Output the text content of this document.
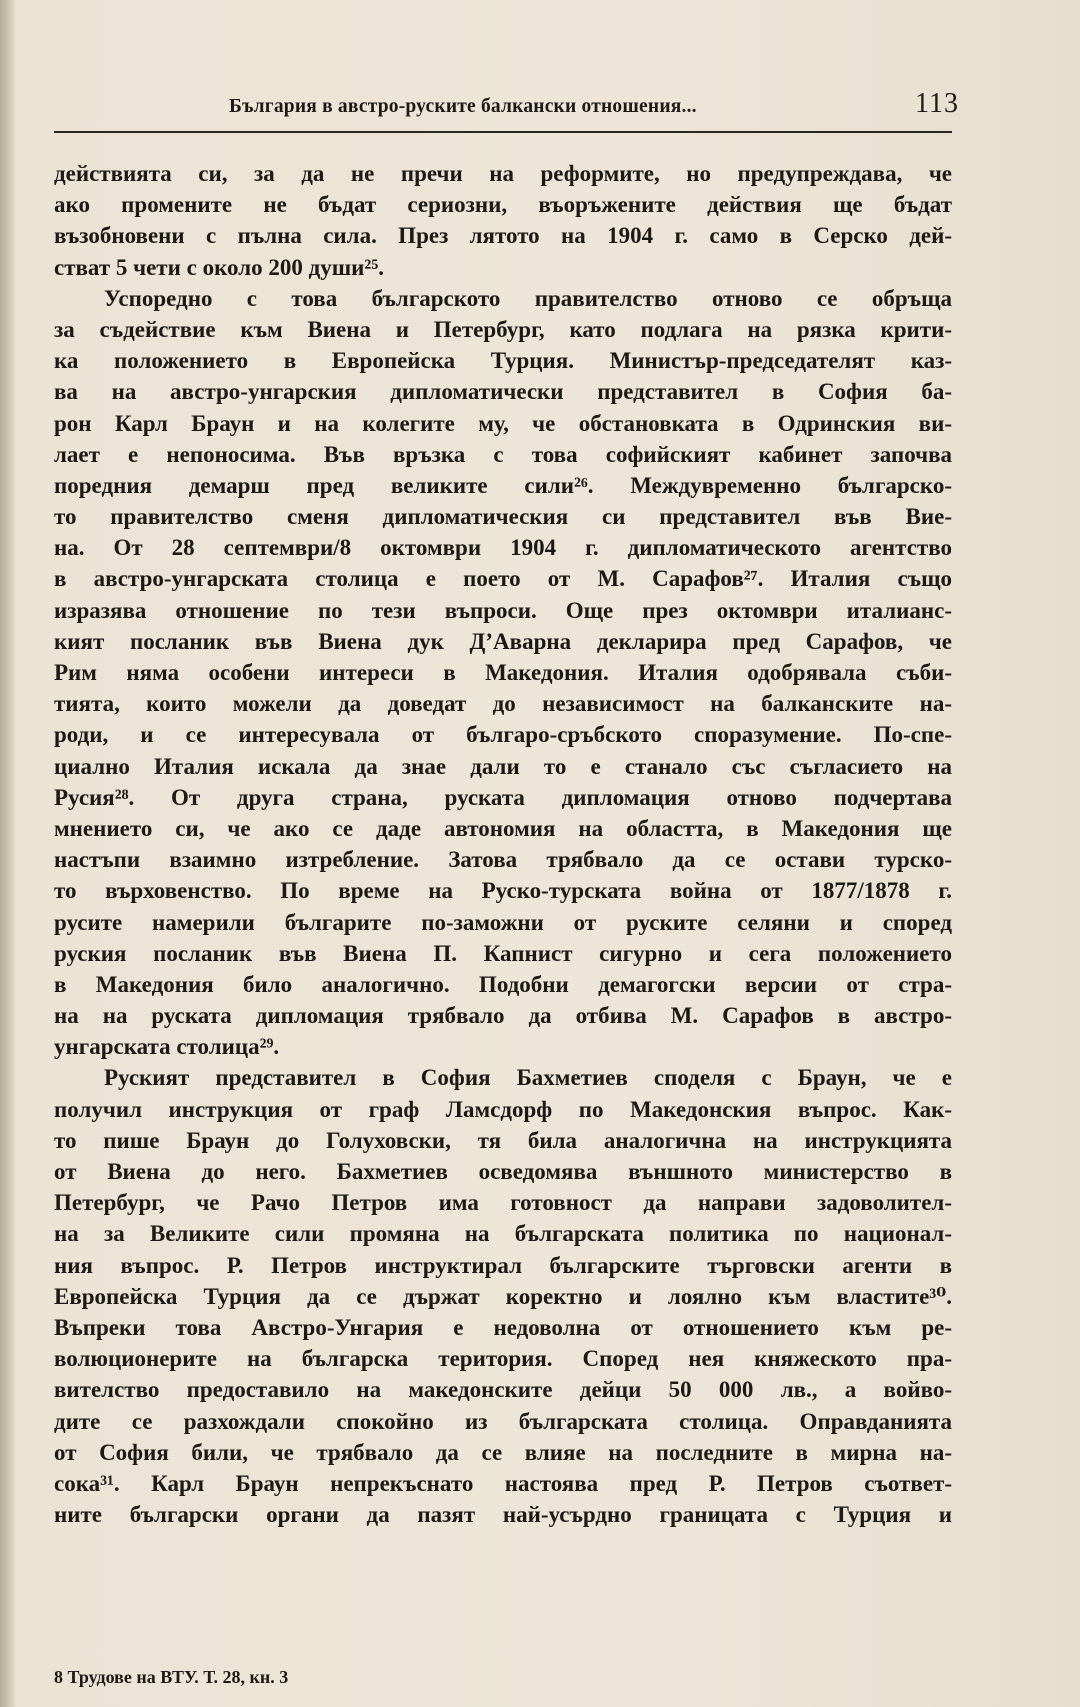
България в австро-руските балкански отношения...	113
действията си, за да не пречи на реформите, но предупреждава, че
ако промените не бъдат сериозни, въоръжените действия ще бъдат
възобновени с пълна сила. През лятото на 1904 г. само в Серско дей-
стват 5 чети с около 200 души²⁵.
Успоредно с това българското правителство отново се обръща
за съдействие към Виена и Петербург, като подлага на рязка крити-
ка положението в Европейска Турция. Министър-председателят каз-
ва на австро-унгарския дипломатически представител в София ба-
рон Карл Браун и на колегите му, че обстановката в Одринския ви-
лает е непоносима. Във връзка с това софийският кабинет започва
поредния демарш пред великите сили²⁶. Междувременно българско-
то правителство сменя дипломатическия си представител във Вие-
на. От 28 септември/8 октомври 1904 г. дипломатическото агентство
в австро-унгарската столица е поето от М. Сарафов²⁷. Италия също
изразява отношение по тези въпроси. Още през октомври италианс-
кият посланик във Виена дук Д’Аварна декларира пред Сарафов, че
Рим няма особени интереси в Македония. Италия одобрявала съби-
тията, които можели да доведат до независимост на балканските на-
роди, и се интересувала от българо-сръбското споразумение. По-спе-
циално Италия искала да знае дали то е станало със съгласието на
Русия²⁸. От друга страна, руската дипломация отново подчертава
мнението си, че ако се даде автономия на областта, в Македония ще
настъпи взаимно изтребление. Затова трябвало да се остави турско-
то върховенство. По време на Руско-турската война от 1877/1878 г.
русите намерили българите по-заможни от руските селяни и според
руския посланик във Виена П. Капнист сигурно и сега положението
в Македония било аналогично. Подобни демагогски версии от стра-
на на руската дипломация трябвало да отбива М. Сарафов в австро-
унгарската столица²⁹.
Руският представител в София Бахметиев споделя с Браун, че е
получил инструкция от граф Ламсдорф по Македонския въпрос. Как-
то пише Браун до Голуховски, тя била аналогична на инструкцията
от Виена до него. Бахметиев осведомява външното министерство в
Петербург, че Рачо Петров има готовност да направи задоволител-
на за Великите сили промяна на българската политика по национал-
ния въпрос. Р. Петров инструктирал българските търговски агенти в
Европейска Турция да се държат коректно и лоялно към властите³⁰.
Въпреки това Австро-Унгария е недоволна от отношението към ре-
волюционерите на българска територия. Според нея княжеското пра-
вителство предоставило на македонските дейци 50 000 лв., а войво-
дите се разхождали спокойно из българската столица. Оправданията
от София били, че трябвало да се влияе на последните в мирна на-
сока³¹. Карл Браун непрекъснато настоява пред Р. Петров съответ-
ните български органи да пазят най-усърдно границата с Турция и
8 Трудове на ВТУ. Т. 28, кн. 3
